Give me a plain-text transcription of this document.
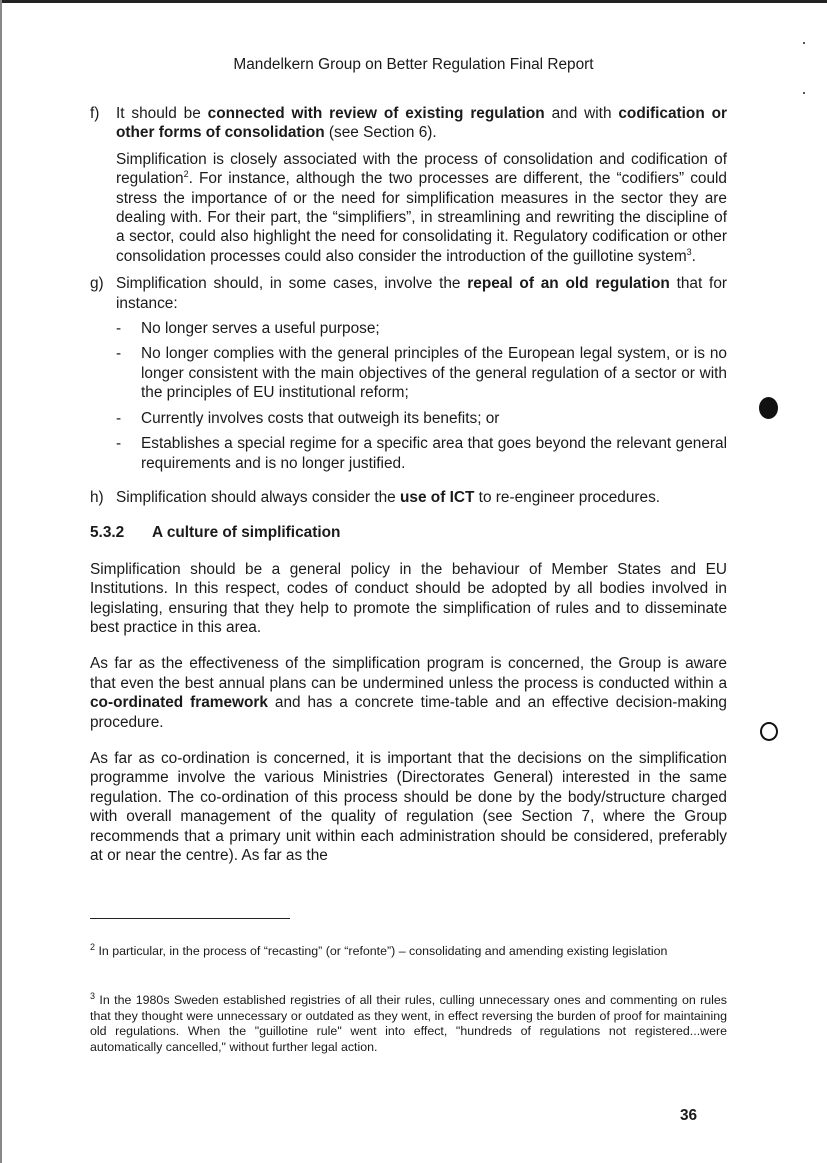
Mandelkern Group on Better Regulation Final Report
f)	It should be connected with review of existing regulation and with codification or other forms of consolidation (see Section 6).

Simplification is closely associated with the process of consolidation and codification of regulation$^2$. For instance, although the two processes are different, the “codifiers” could stress the importance of or the need for simplification measures in the sector they are dealing with. For their part, the “simplifiers”, in streamlining and rewriting the discipline of a sector, could also highlight the need for consolidating it. Regulatory codification or other consolidation processes could also consider the introduction of the guillotine system$^3$.

g) Simplification should, in some cases, involve the repeal of an old regulation that for instance:

-	No longer serves a useful purpose;
-	No longer complies with the general principles of the European legal system, or is no longer consistent with the main objectives of the general regulation of a sector or with the principles of EU institutional reform;
-	Currently involves costs that outweigh its benefits; or
-	Establishes a special regime for a specific area that goes beyond the relevant general requirements and is no longer justified.
h) Simplification should always consider the use of ICT to re-engineer procedures.

5.3.2 A culture of simplification

Simplification should be a general policy in the behaviour of Member States and EU Institutions. In this respect, codes of conduct should be adopted by all bodies involved in legislating, ensuring that they help to promote the simplification of rules and to disseminate best practice in this area.

As far as the effectiveness of the simplification program is concerned, the Group is aware that even the best annual plans can be undermined unless the process is conducted within a co-ordinated framework and has a concrete time-table and an effective decision-making procedure.

As far as co-ordination is concerned, it is important that the decisions on the simplification programme involve the various Ministries (Directorates General) interested in the same regulation. The co-ordination of this process should be done by the body/structure charged with overall management of the quality of regulation (see Section 7, where the Group recommends that a primary unit within each administration should be considered, preferably at or near the centre). As far as the

$^2$ In particular, in the process of “recasting” (or “refonte”) – consolidating and amending existing legislation
$^3$ In the 1980s Sweden established registries of all their rules, culling unnecessary ones and commenting on rules that they thought were unnecessary or outdated as they went, in effect reversing the burden of proof for maintaining old regulations. When the "guillotine rule" went into effect, "hundreds of regulations not registered...were automatically cancelled," without further legal action.
36
